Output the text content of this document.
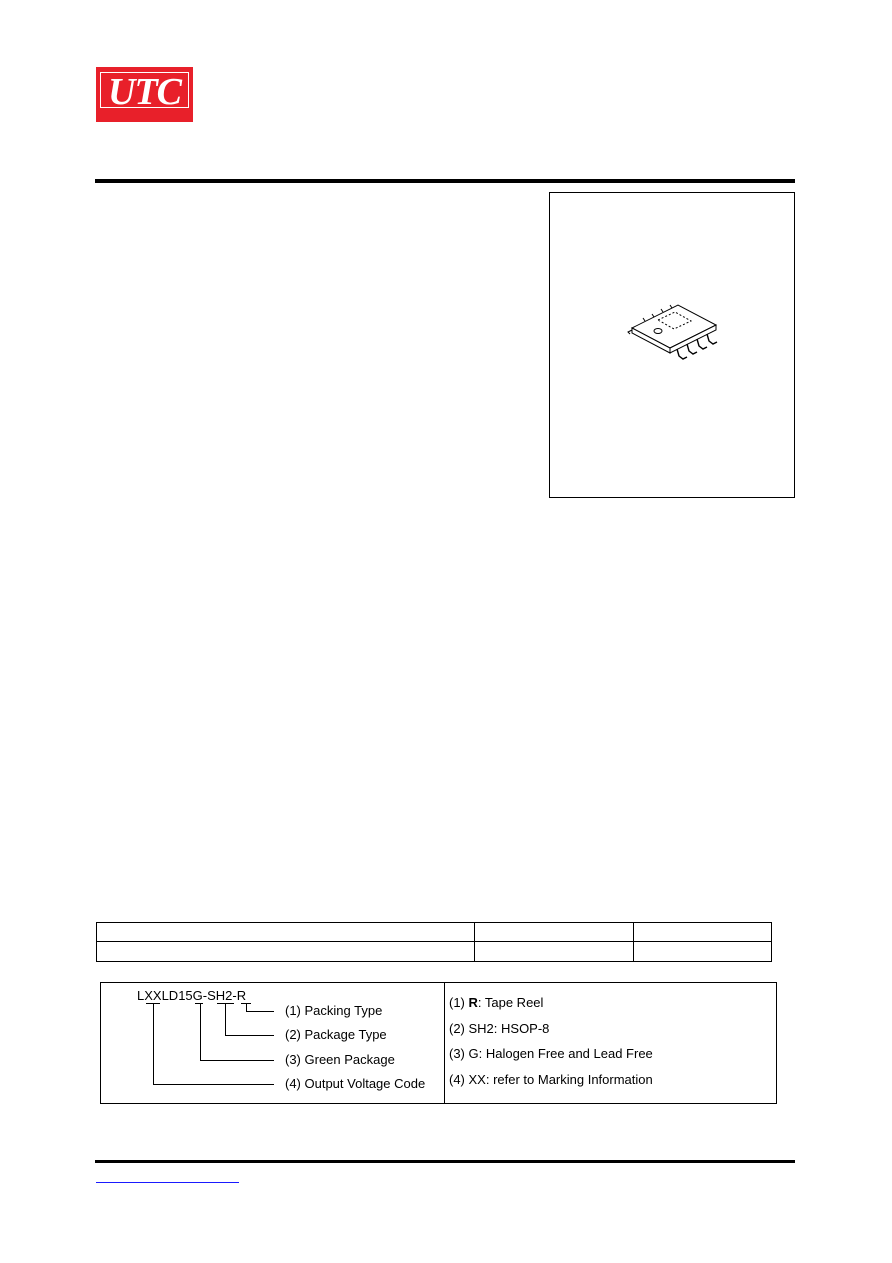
UTC
LXXLD15G-SH2-R
(1) Packing Type
(2) Package Type
(3) Green Package
(4) Output Voltage Code
(1) R: Tape Reel
(2) SH2: HSOP-8
(3) G: Halogen Free and Lead Free
(4) XX: refer to Marking Information
